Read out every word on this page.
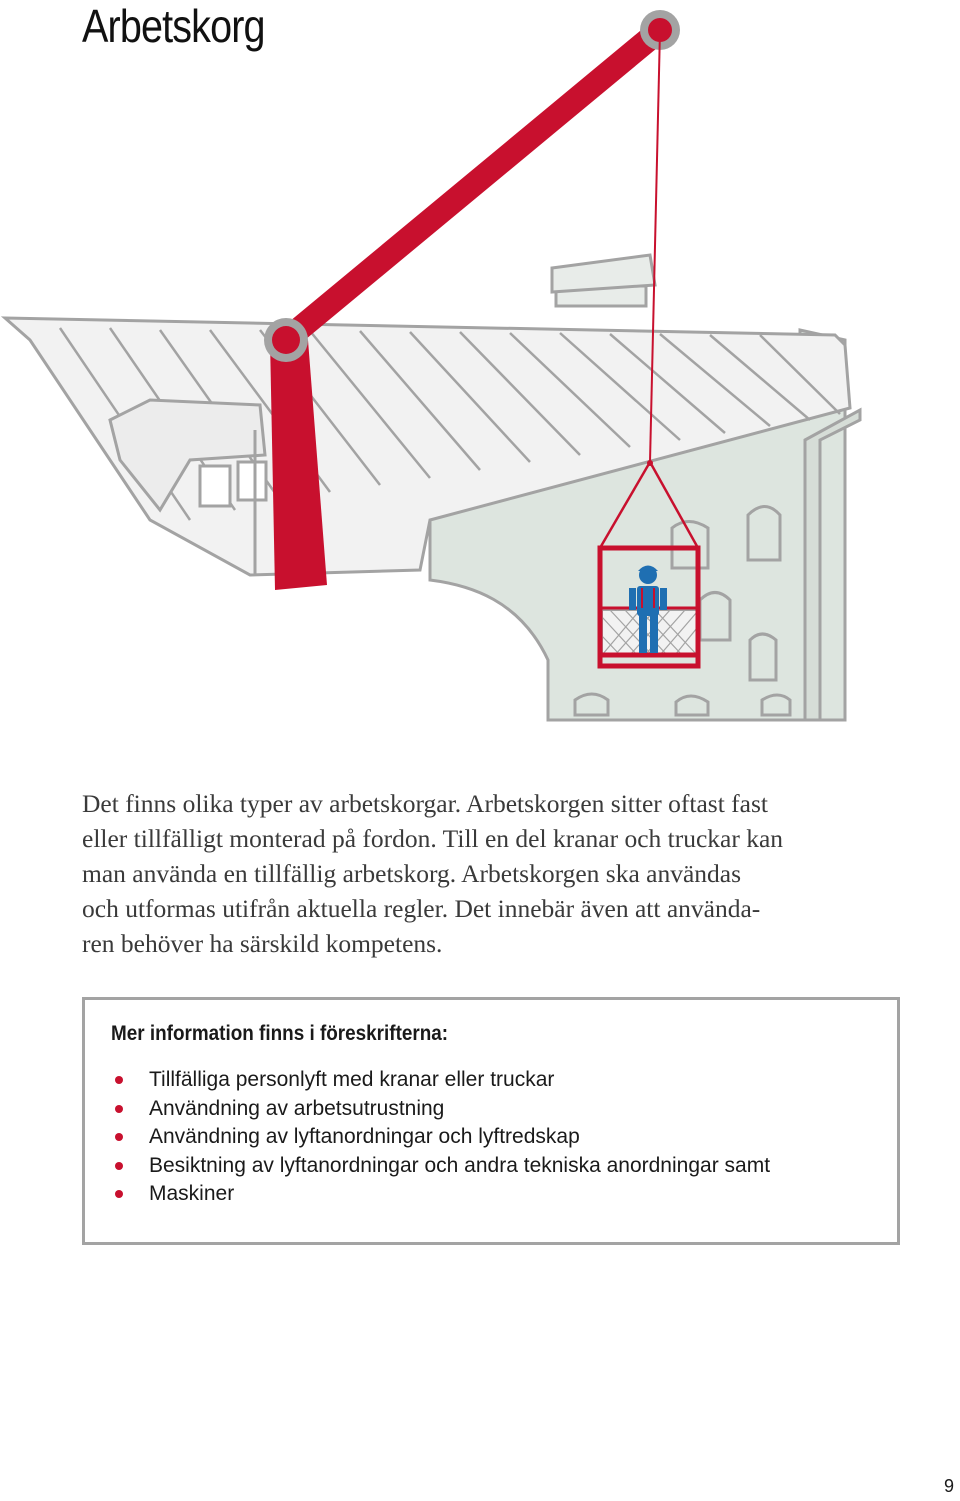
Arbetskorg
Det finns olika typer av arbetskorgar. Arbetskorgen sitter oftast fast
eller tillfälligt monterad på fordon. Till en del kranar och truckar kan
man använda en tillfällig arbetskorg. Arbetskorgen ska användas
och utformas utifrån aktuella regler. Det innebär även att använda-
ren behöver ha särskild kompetens.
Mer information finns i föreskrifterna:
Tillfälliga personlyft med kranar eller truckar
Användning av arbetsutrustning
Användning av lyftanordningar och lyftredskap
Besiktning av lyftanordningar och andra tekniska anordningar samt
Maskiner
9
